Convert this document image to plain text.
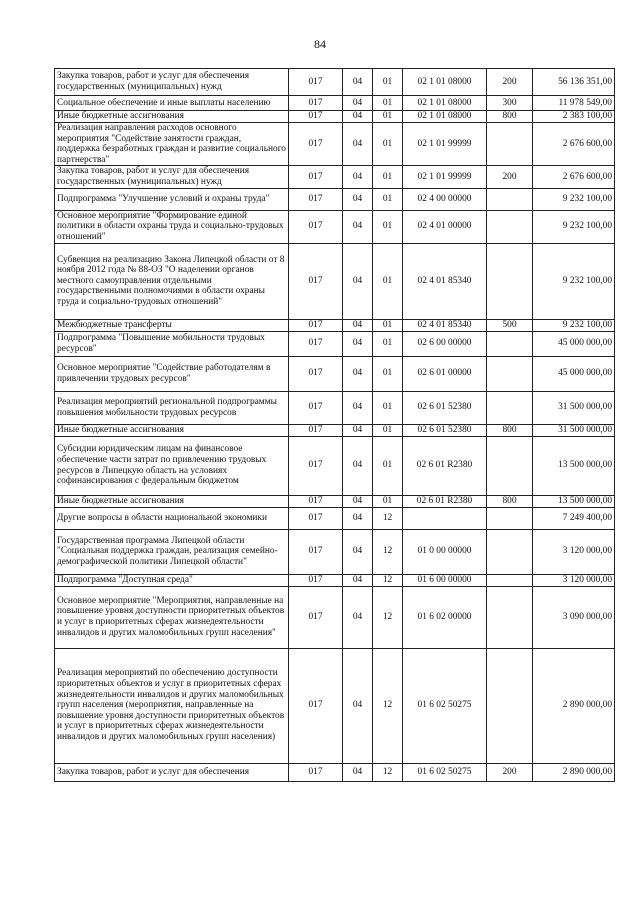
84
Закупка товаров, работ и услуг для обеспечения государственных (муниципальных) нужд	017	04	01	02 1 01 08000	200	56 136 351,00
Социальное обеспечение и иные выплаты населению	017	04	01	02 1 01 08000	300	11 978 549,00
Иные бюджетные ассигнования	017	04	01	02 1 01 08000	800	2 383 100,00
Реализация направления расходов основного мероприятия "Содействие занятости граждан, поддержка безработных граждан и развитие социального партнерства"	017	04	01	02 1 01 99999		2 676 600,00
Закупка товаров, работ и услуг для обеспечения государственных (муниципальных) нужд	017	04	01	02 1 01 99999	200	2 676 600,00
Подпрограмма "Улучшение условий и охраны труда"	017	04	01	02 4 00 00000		9 232 100,00
Основное мероприятие "Формирование единой политики в области охраны труда и социально-трудовых отношений"	017	04	01	02 4 01 00000		9 232 100,00
Субвенция на реализацию Закона Липецкой области от 8 ноября 2012 года № 88-ОЗ "О наделении органов местного самоуправления отдельными государственными полномочиями в области охраны труда и социально-трудовых отношений"	017	04	01	02 4 01 85340		9 232 100,00
Межбюджетные трансферты	017	04	01	02 4 01 85340	500	9 232 100,00
Подпрограмма "Повышение мобильности трудовых ресурсов"	017	04	01	02 6 00 00000		45 000 000,00
Основное мероприятие "Содействие работодателям в привлечении трудовых ресурсов"	017	04	01	02 6 01 00000		45 000 000,00
Реализация мероприятий региональной подпрограммы повышения мобильности трудовых ресурсов	017	04	01	02 6 01 52380		31 500 000,00
Иные бюджетные ассигнования	017	04	01	02 6 01 52380	800	31 500 000,00
Субсидии юридическим лицам на финансовое обеспечение части затрат по привлечению трудовых ресурсов в Липецкую область на условиях софинансирования с федеральным бюджетом	017	04	01	02 6 01 R2380		13 500 000,00
Иные бюджетные ассигнования	017	04	01	02 6 01 R2380	800	13 500 000,00
Другие вопросы в области национальной экономики	017	04	12			7 249 400,00
Государственная программа Липецкой области "Социальная поддержка граждан, реализация семейно-демографической политики Липецкой области"	017	04	12	01 0 00 00000		3 120 000,00
Подпрограмма "Доступная среда"	017	04	12	01 6 00 00000		3 120 000,00
Основное мероприятие "Мероприятия, направленные на повышение уровня доступности приоритетных объектов и услуг в приоритетных сферах жизнедеятельности инвалидов и других маломобильных групп населения"	017	04	12	01 6 02 00000		3 090 000,00
Реализация мероприятий по обеспечению доступности приоритетных объектов и услуг в приоритетных сферах жизнедеятельности инвалидов и других маломобильных групп населения (мероприятия, направленные на повышение уровня доступности приоритетных объектов и услуг в приоритетных сферах жизнедеятельности инвалидов и других маломобильных групп населения)	017	04	12	01 6 02 50275		2 890 000,00
Закупка товаров, работ и услуг для обеспечения	017	04	12	01 6 02 50275	200	2 890 000,00
